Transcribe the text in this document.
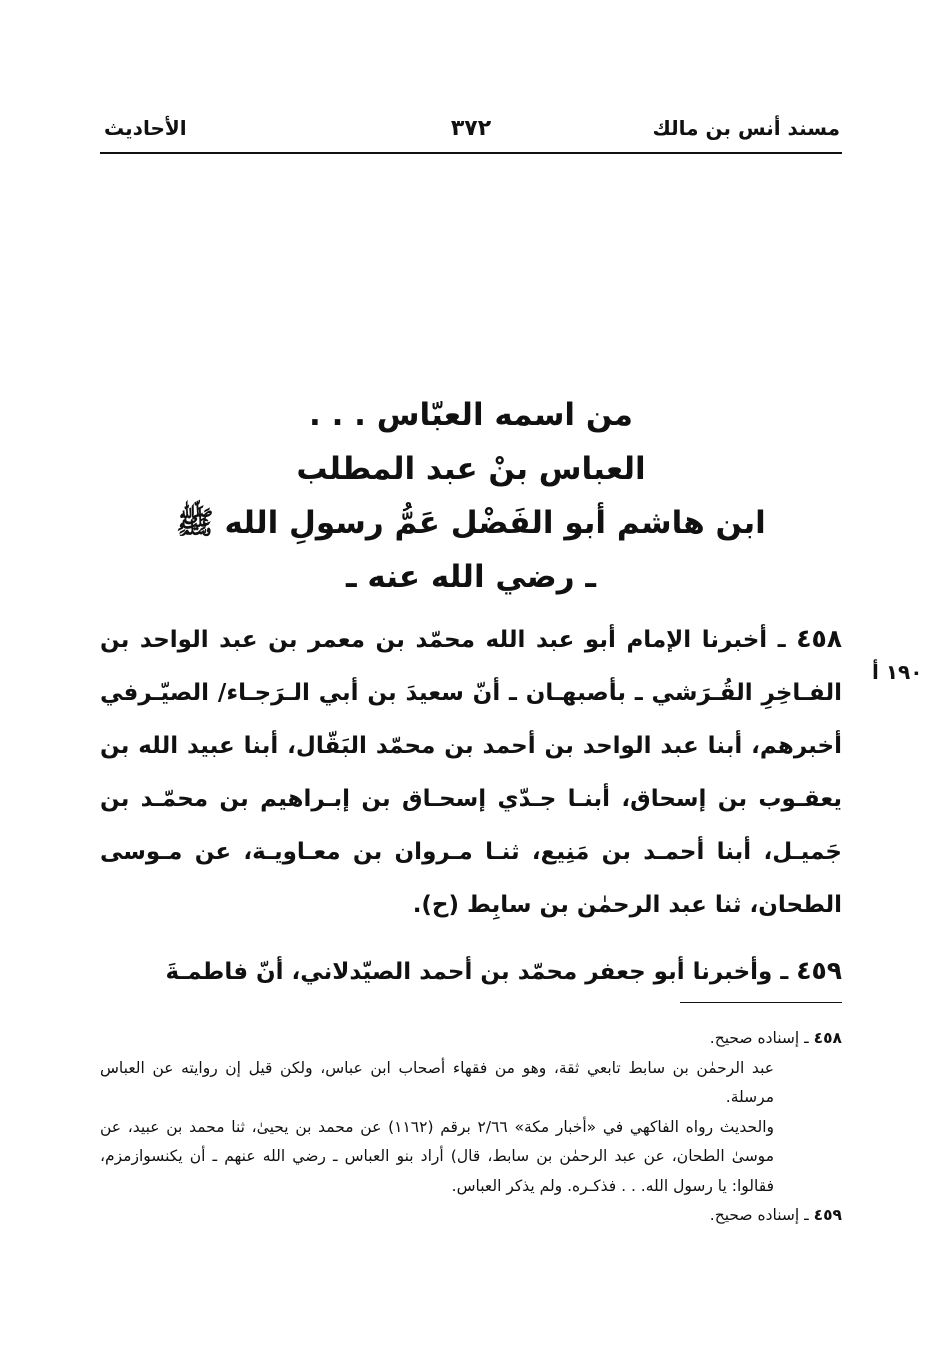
مسند أنس بن مالك
٣٧٢
الأحاديث
من اسمه العبّاس . . .
العباس بنْ عبد المطلب
ابن هاشم أبو الفَضْل عَمُّ رسولِ الله ﷺ
ـ رضي الله عنه ـ
١٩٠ أ

٤٥٨ ـ أخبرنا الإمام أبو عبد الله محمّد بن معمر بن عبد الواحد بن الفـاخِرِ القُـرَشي ـ بأصبهـان ـ أنّ سعيدَ بن أبي الـرَجـاء/ الصيّـرفي أخبرهم، أبنا عبد الواحد بن أحمد بن محمّد البَقّال، أبنا عبيد الله بن يعقـوب بن إسحاق، أبنـا جـدّي إسحـاق بن إبـراهيم بن محمّـد بن جَميـل، أبنا أحمـد بن مَنِيع، ثنـا مـروان بن معـاويـة، عن مـوسى الطحان، ثنا عبد الرحمٰن بن سابِط (ح).

٤٥٩ ـ وأخبرنا أبو جعفر محمّد بن أحمد الصيّدلاني، أنّ فاطمـةَ

٤٥٨ ـ إسناده صحيح.

عبد الرحمٰن بن سابط تابعي ثقة، وهو من فقهاء أصحاب ابن عباس، ولكن قيل إن روايته عن العباس مرسلة.

والحديث رواه الفاكهي في «أخبار مكة» ٢/٦٦ برقم (١١٦٢) عن محمد بن يحيىٰ، ثنا محمد بن عبيد، عن موسىٰ الطحان، عن عبد الرحمٰن بن سابط، قال) أراد بنو العباس ـ رضي الله عنهم ـ أن يكنسوازمزم، فقالوا: يا رسول الله. . . فذكـره. ولم يذكر العباس.

٤٥٩ ـ إسناده صحيح.
